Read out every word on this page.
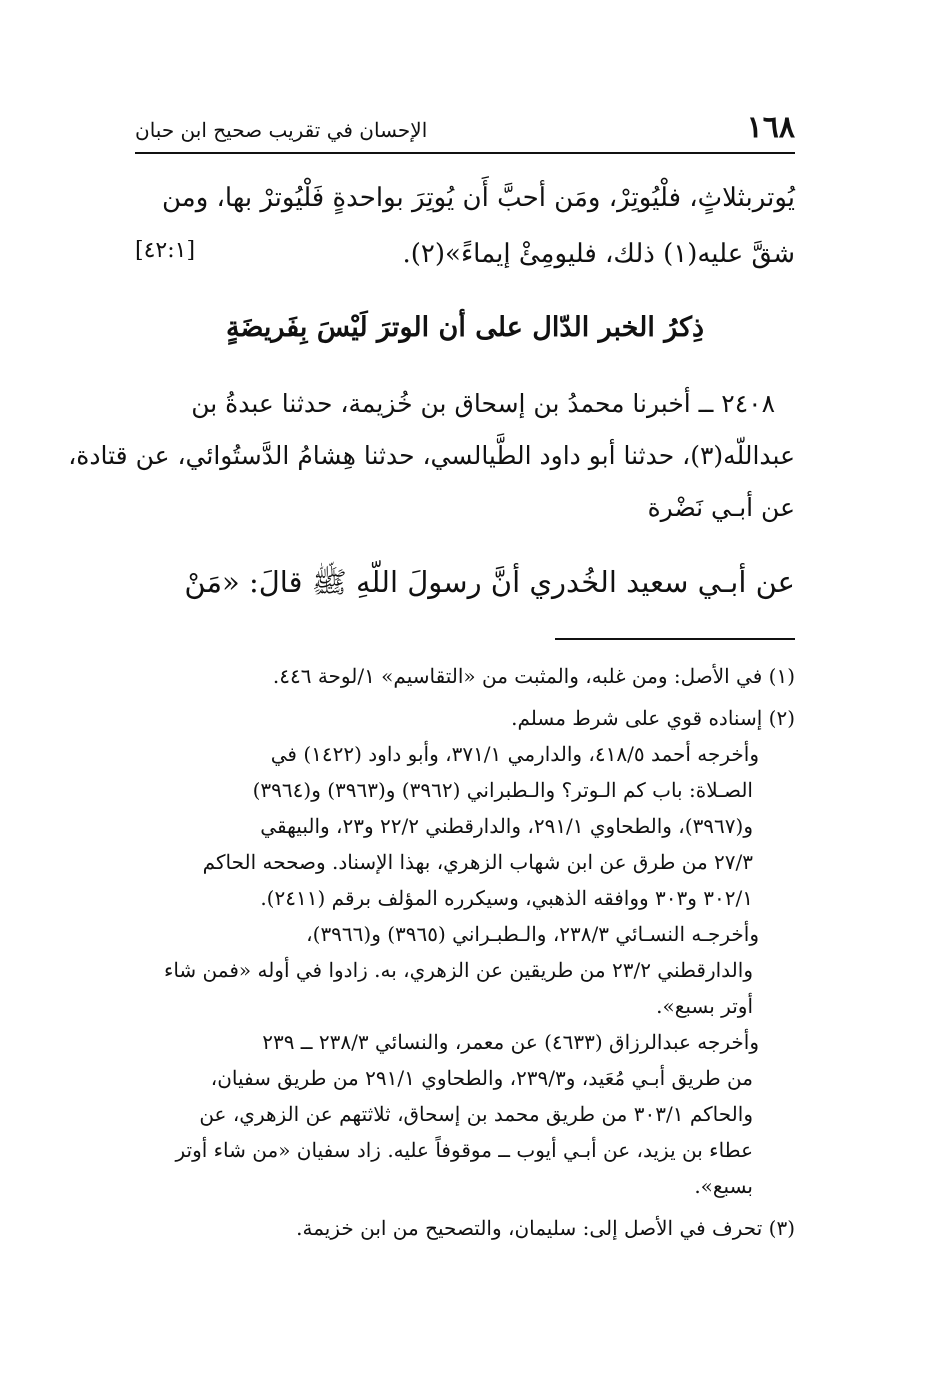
١٦٨
الإحسان في تقريب صحيح ابن حبان
يُوتربثلاثٍ، فلْيُوتِرْ، ومَن أحبَّ أَن يُوتِرَ بواحدةٍ فَلْيُوترْ بها، ومن
شقَّ عليه(١) ذلك، فليومِئْ إيماءً»(٢).
[٤٢:١]
ذِكرُ الخبر الدّال على أن الوترَ لَيْسَ بِفَريضَةٍ
٢٤٠٨ ــ أخبرنا محمدُ بن إسحاق بن خُزيمة، حدثنا عبدةُ بن
عبداللّه(٣)، حدثنا أبو داود الطَّيالسي، حدثنا هِشامُ الدَّستُوائي، عن قتادة،
عن أبـي نَضْرة
عن أبـي سعيد الخُدري أنَّ رسولَ اللّهِ ﷺ قالَ: «مَنْ
(١) في الأصل: ومن غلبه، والمثبت من «التقاسيم» ١/لوحة ٤٤٦.
(٢) إسناده قوي على شرط مسلم.
وأخرجه أحمد ٤١٨/٥، والدارمي ٣٧١/١، وأبو داود (١٤٢٢) في
الصـلاة: باب كم الـوتر؟ والـطبراني (٣٩٦٢) و(٣٩٦٣) و(٣٩٦٤)
و(٣٩٦٧)، والطحاوي ٢٩١/١، والدارقطني ٢٢/٢ و٢٣، والبيهقي
٢٧/٣ من طرق عن ابن شهاب الزهري، بهذا الإسناد. وصححه الحاكم
٣٠٢/١ و٣٠٣ ووافقه الذهبي، وسيكرره المؤلف برقم (٢٤١١).
وأخرجـه النسـائي ٢٣٨/٣، والـطبـراني (٣٩٦٥) و(٣٩٦٦)،
والدارقطني ٢٣/٢ من طريقين عن الزهري، به. زادوا في أوله «فمن شاء
أوتر بسبع».
وأخرجه عبدالرزاق (٤٦٣٣) عن معمر، والنسائي ٢٣٨/٣ ــ ٢٣٩
من طريق أبـي مُعَيد، و٢٣٩/٣، والطحاوي ٢٩١/١ من طريق سفيان،
والحاكم ٣٠٣/١ من طريق محمد بن إسحاق، ثلاثتهم عن الزهري، عن
عطاء بن يزيد، عن أبـي أيوب ــ موقوفاً عليه. زاد سفيان «من شاء أوتر
بسبع».
(٣) تحرف في الأصل إلى: سليمان، والتصحيح من ابن خزيمة.
